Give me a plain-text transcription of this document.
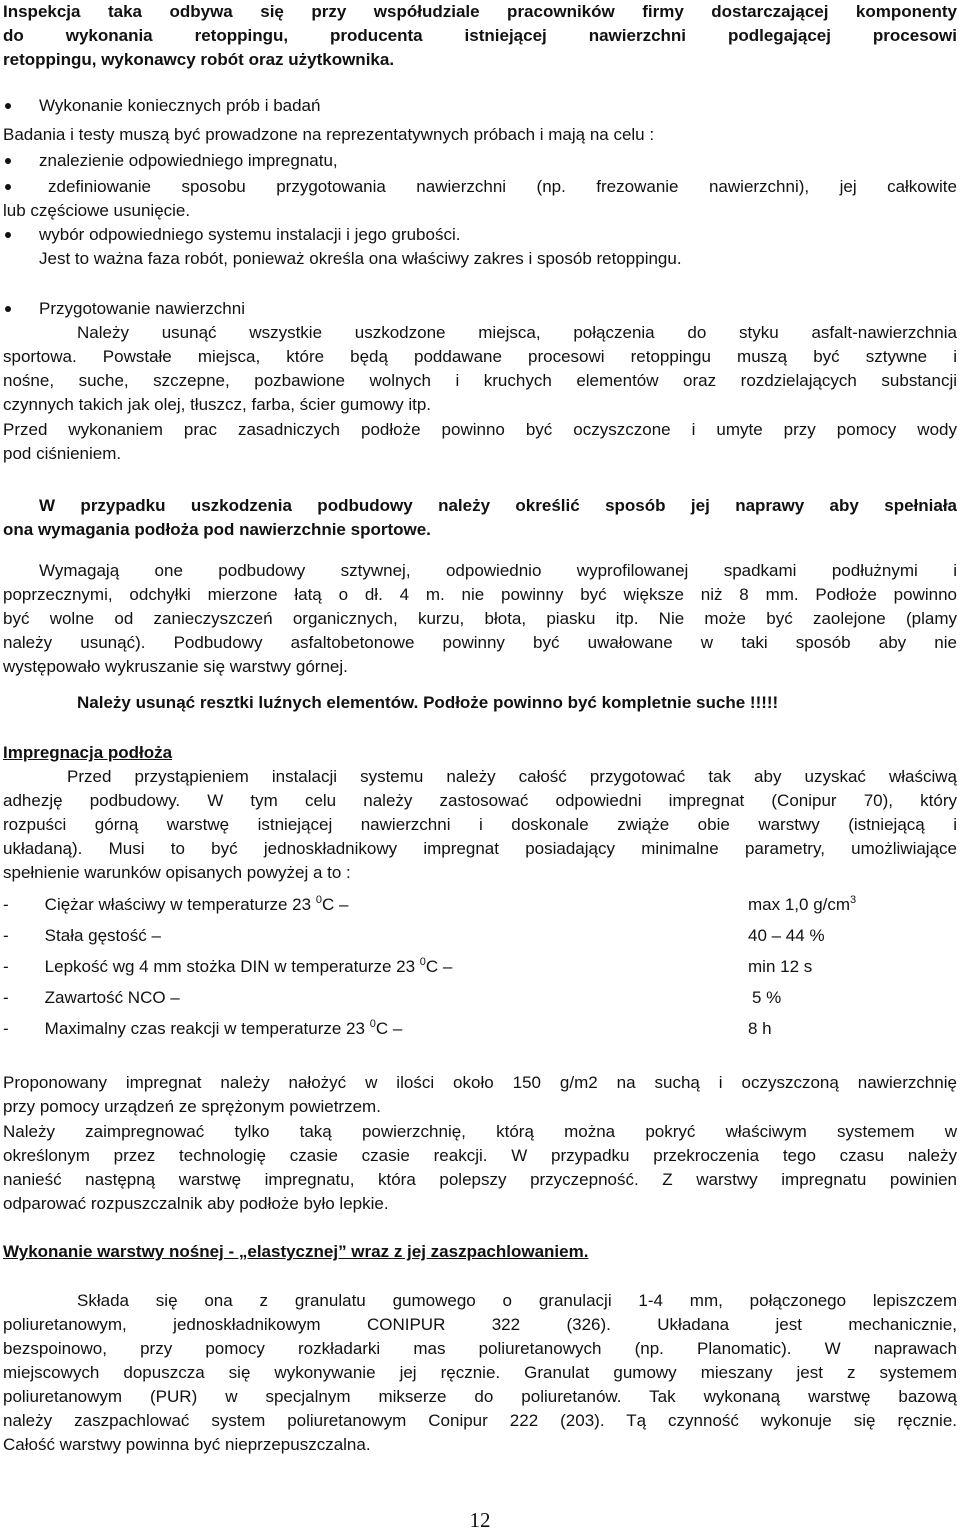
Inspekcja taka odbywa się przy współudziale pracowników firmy dostarczającej komponenty
do wykonania retoppingu, producenta istniejącej nawierzchni podlegającej procesowi
retoppingu, wykonawcy robót oraz użytkownika.
Wykonanie koniecznych prób i badań
Badania i testy muszą być prowadzone na reprezentatywnych próbach i mają na celu :
znalezienie odpowiedniego impregnatu,
zdefiniowanie sposobu przygotowania nawierzchni (np. frezowanie nawierzchni), jej całkowite
lub częściowe usunięcie.
wybór odpowiedniego systemu instalacji i jego grubości.
Jest to ważna faza robót, ponieważ określa ona właściwy zakres i sposób retoppingu.
Przygotowanie nawierzchni
Należy usunąć wszystkie uszkodzone miejsca, połączenia do styku asfalt-nawierzchnia
sportowa. Powstałe miejsca, które będą poddawane procesowi retoppingu muszą być sztywne i
nośne, suche, szczepne, pozbawione wolnych i kruchych elementów oraz rozdzielających substancji
czynnych takich jak olej, tłuszcz, farba, ścier gumowy itp.
Przed wykonaniem prac zasadniczych podłoże powinno być oczyszczone i umyte przy pomocy wody
pod ciśnieniem.
W przypadku uszkodzenia podbudowy należy określić sposób jej naprawy aby spełniała
ona wymagania podłoża pod nawierzchnie sportowe.
Wymagają one podbudowy sztywnej, odpowiednio wyprofilowanej spadkami podłużnymi i
poprzecznymi, odchyłki mierzone łatą o dł. 4 m. nie powinny być większe niż 8 mm. Podłoże powinno
być wolne od zanieczyszczeń organicznych, kurzu, błota, piasku itp. Nie może być zaolejone (plamy
należy usunąć). Podbudowy asfaltobetonowe powinny być uwałowane w taki sposób aby nie
występowało wykruszanie się warstwy górnej.
Należy usunąć resztki luźnych elementów. Podłoże powinno być kompletnie suche !!!!!
Impregnacja podłoża
Przed przystąpieniem instalacji systemu należy całość przygotować tak aby uzyskać właściwą
adhezję podbudowy. W tym celu należy zastosować odpowiedni impregnat (Conipur 70), który
rozpuści górną warstwę istniejącej nawierzchni i doskonale zwiąże obie warstwy (istniejącą i
układaną). Musi to być jednoskładnikowy impregnat posiadający minimalne parametry, umożliwiające
spełnienie warunków opisanych powyżej a to :
- Ciężar właściwy w temperaturze 23 $^0$C –	max 1,0 $g/cm^3$
- Stała gęstość –	40 – 44 %
- Lepkość wg 4 mm stożka DIN w temperaturze 23 $^0$C –	min 12 s
- Zawartość NCO –	5 %
- Maximalny czas reakcji w temperaturze 23 $^0$C –	8 h
Proponowany impregnat należy nałożyć w ilości około 150 g/m2 na suchą i oczyszczoną nawierzchnię
przy pomocy urządzeń ze sprężonym powietrzem.
Należy zaimpregnować tylko taką powierzchnię, którą można pokryć właściwym systemem w
określonym przez technologię czasie czasie reakcji. W przypadku przekroczenia tego czasu należy
nanieść następną warstwę impregnatu, która polepszy przyczepność. Z warstwy impregnatu powinien
odparować rozpuszczalnik aby podłoże było lepkie.
Wykonanie warstwy nośnej - „elastycznej” wraz z jej zaszpachlowaniem.
Składa się ona z granulatu gumowego o granulacji 1-4 mm, połączonego lepiszczem
poliuretanowym, jednoskładnikowym CONIPUR 322 (326). Układana jest mechanicznie,
bezspoinowo, przy pomocy rozkładarki mas poliuretanowych (np. Planomatic). W naprawach
miejscowych dopuszcza się wykonywanie jej ręcznie. Granulat gumowy mieszany jest z systemem
poliuretanowym (PUR) w specjalnym mikserze do poliuretanów. Tak wykonaną warstwę bazową
należy zaszpachlować system poliuretanowym Conipur 222 (203). Tą czynność wykonuje się ręcznie.
Całość warstwy powinna być nieprzepuszczalna.
12
